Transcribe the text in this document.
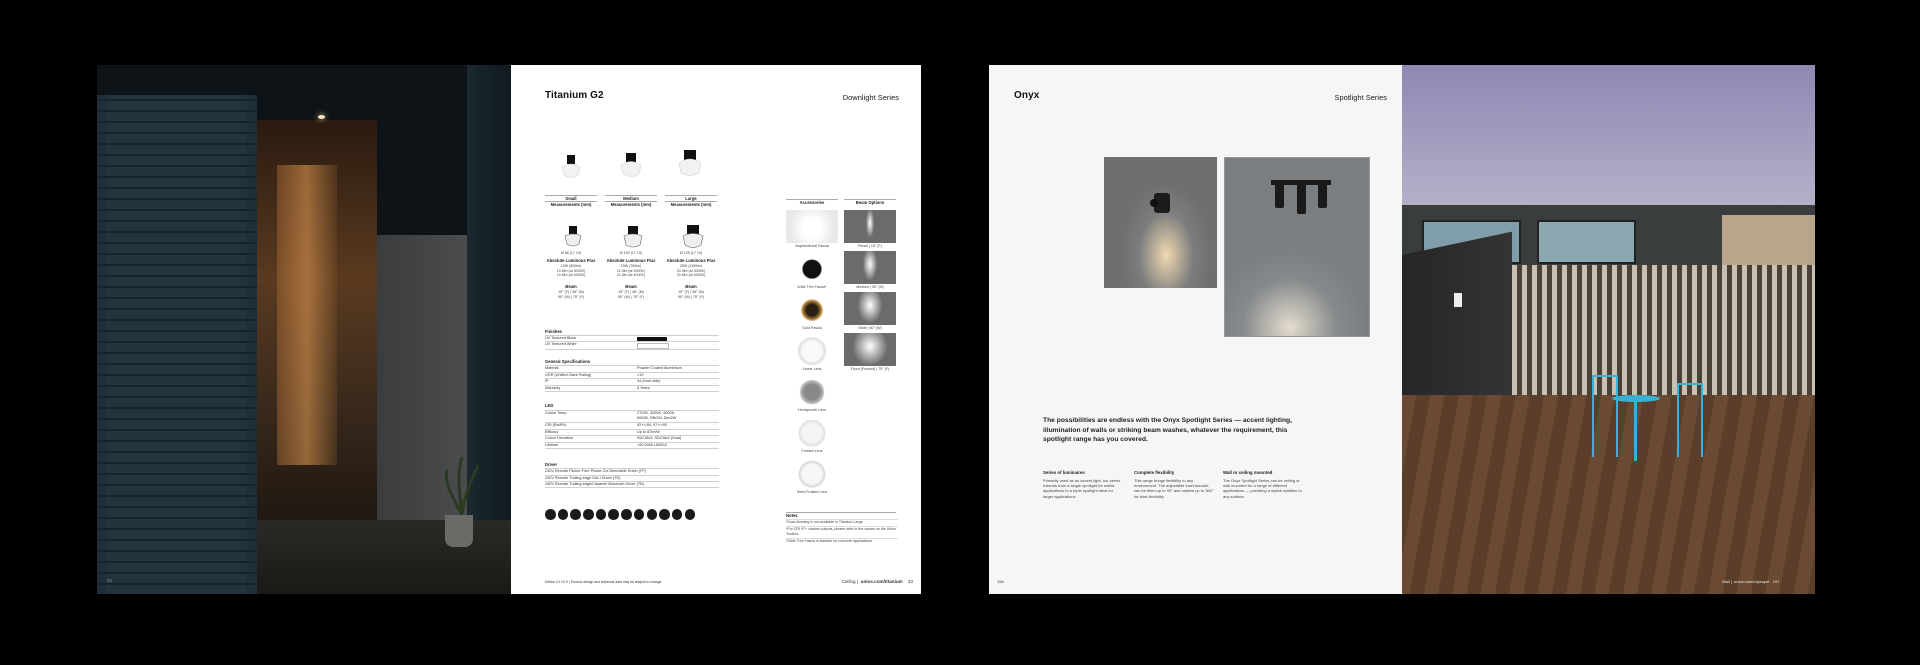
32
Titanium G2	Downlight Series
Small
Measurements (mm)
Ø 86 (17 19)
Absolute Luminous Flux
10W (500lm)
10.5lm (at 3000K)
10.5lm (at 4000K)
Beam
15° (F) | 36° (M)
60° (W) | 75° (F)
Medium
Measurements (mm)
Ø 100 (17 19)
Absolute Luminous Flux
15W (750lm)
11.0lm (at 3000K)
11.3lm (at 4000K)
Beam
15° (F) | 36° (M)
60° (W) | 75° (F)
Large
Measurements (mm)
Ø 125 (17 19)
Absolute Luminous Flux
25W (1150lm)
20.0lm (at 3000K)
20.5lm (at 4000K)
Beam
15° (F) | 36° (M)
60° (W) | 75° (F)
Finishes
UV Textured Black
UV Textured White
General Specifications
Material	Powder Coated Aluminium
UGR (Unified Glare Rating)	<19
IP	44 (from side)
Warranty	5 Years
LED
Colour Temp	2700K, 3000K, 4000K,
5000K, RBGW, Dim2W
CRI (Ra/R9)	92+/>50, 97+/>90
Efficacy	Up to 87lm/W
Colour Deviation	SDCM≤3, SDCM≤2 (Dual)
Lifetime	>50,000h L80B10
Driver
240V Remote Flicker-Free Phase-Cut Dimmable Driver (FF)
240V Remote Trailing-edge DALI Driver (TD)
240V Remote Trailing-edge/Casambi Bluetooth Driver (TB)
Accessories	Beam Options
Asymmetrical Fascia
Wide Trim Fascia*
Gold Fascia
Linear Lens
Honeycomb Lens
Frosted Lens
Semi-Frosted Lens
Pencil | 15° (F)
Medium | 36° (M)
Wide | 60° (W)
Flood (Frosted) | 75° (F)
Notes
*Dual dimming is not available in Titanium Large
*For CRI 97+ custom outputs, please refer to the values on the Unios Toolbox
*Wide Trim Fascia is suitable for concrete applications
Edition 21 V2.0 | Product design and technical data may be subject to change	Ceiling |  unios.com/titanium 33
Onyx	Spotlight Series
The possibilities are endless with the Onyx Spotlight Series — accent lighting, illumination of walls or striking beam washes, whatever the requirement, this spotlight range has you covered.
Series of luminaires

Primarily used as an accent light, our series extends from a single spotlight for subtle applications to a triple spotlight ideal for larger applications.

Complete flexibility

This range brings flexibility to any environment. The adjustable inset knuckle can be tilted up to 90° and rotated up to 350° for total flexibility.

Wall or ceiling mounted

The Onyx Spotlight Series can be ceiling or wall mounted for a range of different applications — providing a stylish addition to any surface.

196	Wall |  unios.com/onyxspot 197
